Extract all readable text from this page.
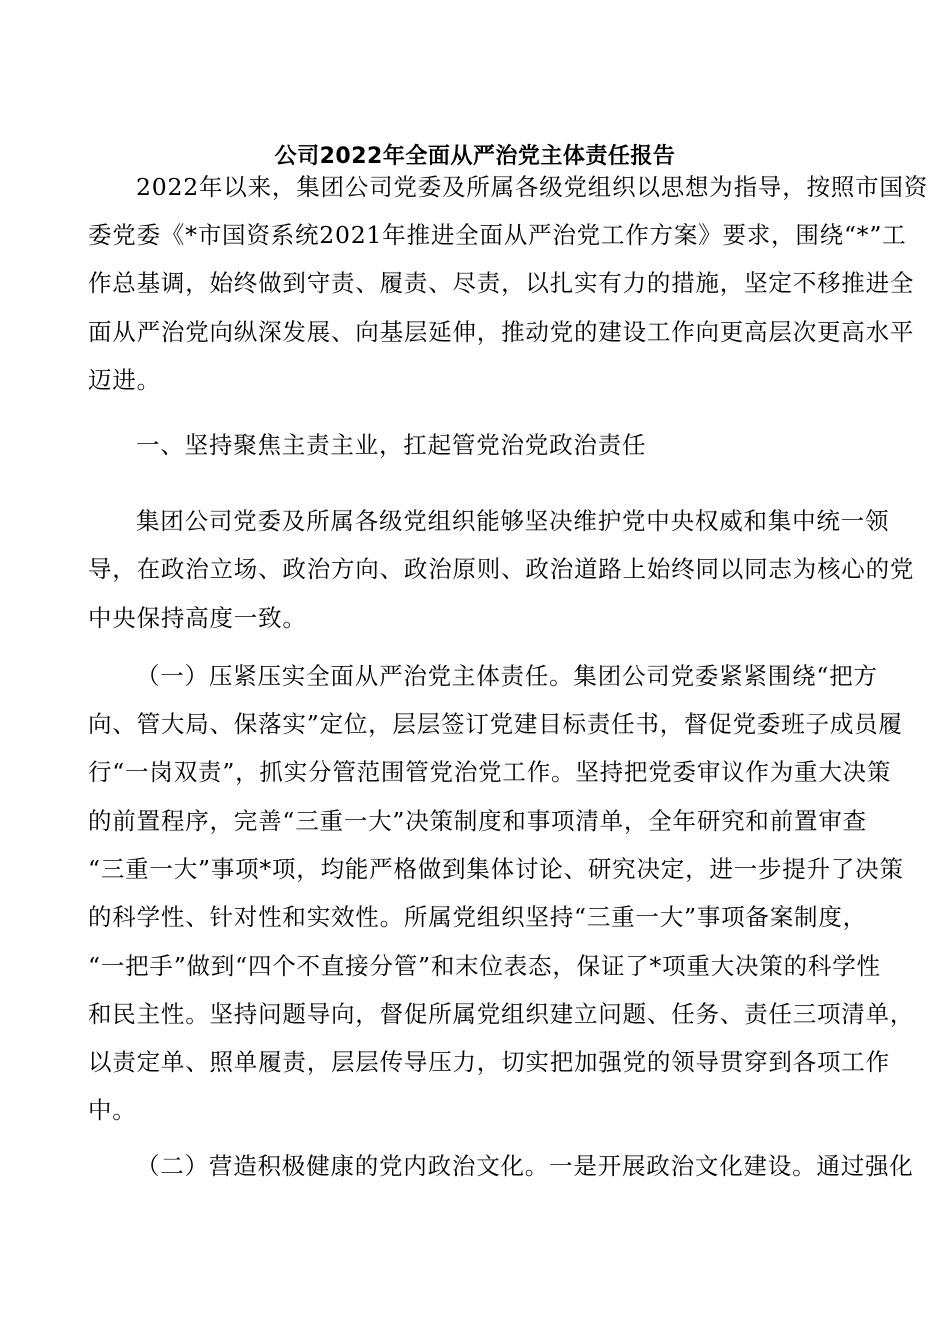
公司2022年全面从严治党主体责任报告
2022年以来，集团公司党委及所属各级党组织以思想为指导，按照市国资
委党委《*市国资系统2021年推进全面从严治党工作方案》要求，围绕“*”工
作总基调，始终做到守责、履责、尽责，以扎实有力的措施，坚定不移推进全
面从严治党向纵深发展、向基层延伸，推动党的建设工作向更高层次更高水平
迈进。
一、坚持聚焦主责主业，扛起管党治党政治责任
集团公司党委及所属各级党组织能够坚决维护党中央权威和集中统一领
导，在政治立场、政治方向、政治原则、政治道路上始终同以同志为核心的党
中央保持高度一致。
（一）压紧压实全面从严治党主体责任。集团公司党委紧紧围绕“把方
向、管大局、保落实”定位，层层签订党建目标责任书，督促党委班子成员履
行“一岗双责”，抓实分管范围管党治党工作。坚持把党委审议作为重大决策
的前置程序，完善“三重一大”决策制度和事项清单，全年研究和前置审查
“三重一大”事项*项，均能严格做到集体讨论、研究决定，进一步提升了决策
的科学性、针对性和实效性。所属党组织坚持“三重一大”事项备案制度，
“一把手”做到“四个不直接分管”和末位表态，保证了*项重大决策的科学性
和民主性。坚持问题导向，督促所属党组织建立问题、任务、责任三项清单，
以责定单、照单履责，层层传导压力，切实把加强党的领导贯穿到各项工作
中。
（二）营造积极健康的党内政治文化。一是开展政治文化建设。通过强化
